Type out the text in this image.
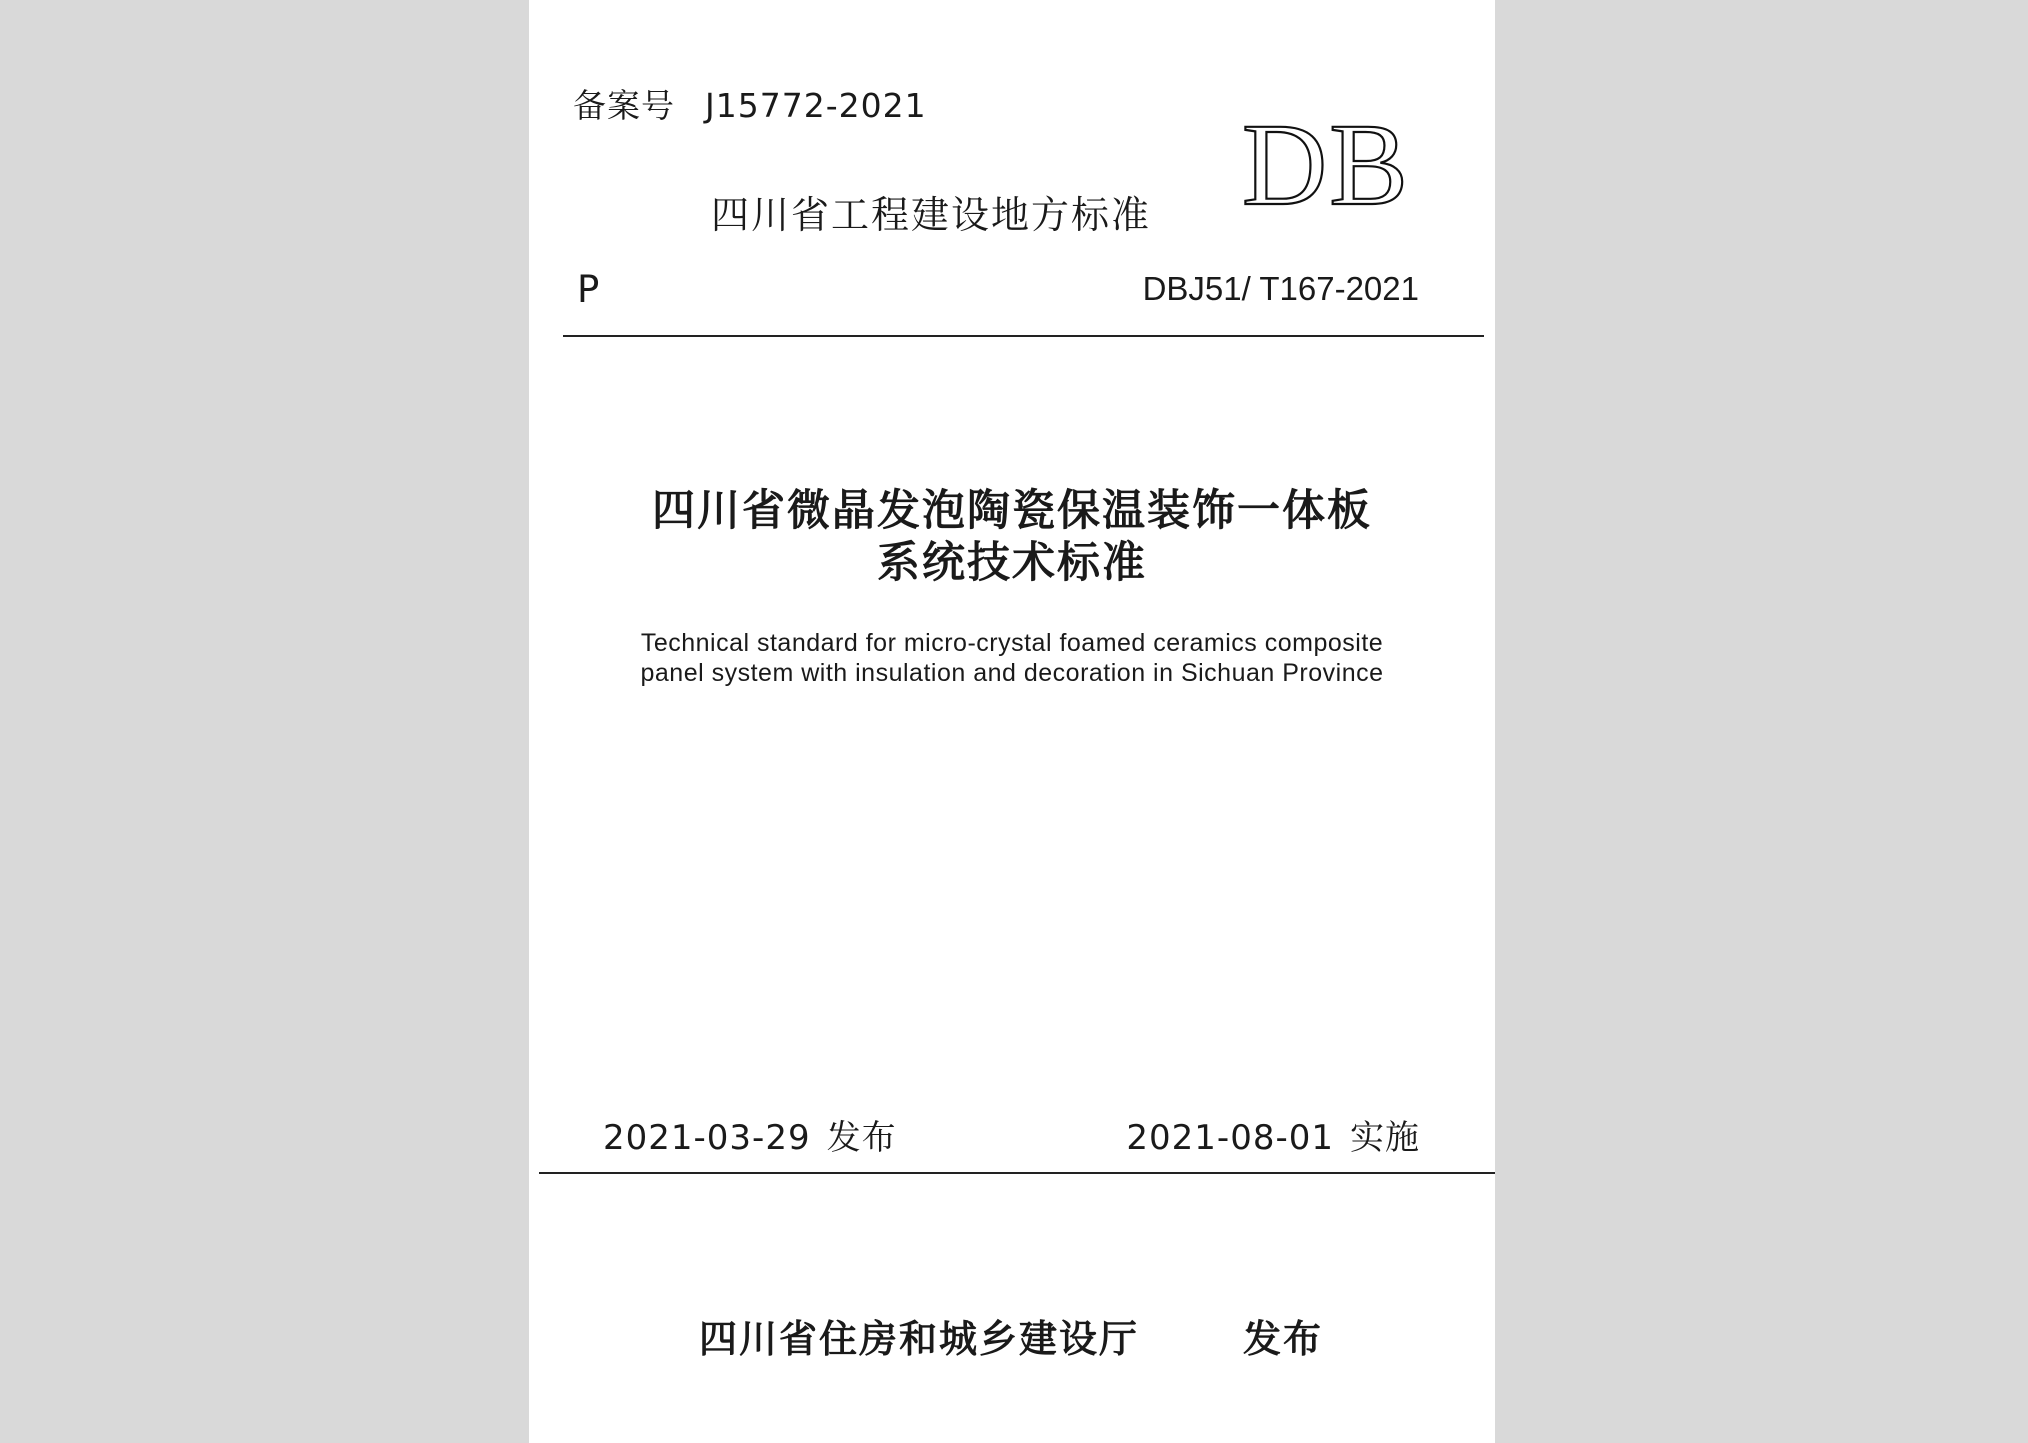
备案号 J15772-2021
四川省工程建设地方标准 DB
P	DBJ51/ T167-2021
四川省微晶发泡陶瓷保温装饰一体板
系统技术标准
Technical standard for micro-crystal foamed ceramics composite
panel system with insulation and decoration in Sichuan Province
2021-03-29 发布	2021-08-01 实施
四川省住房和城乡建设厅	发布
